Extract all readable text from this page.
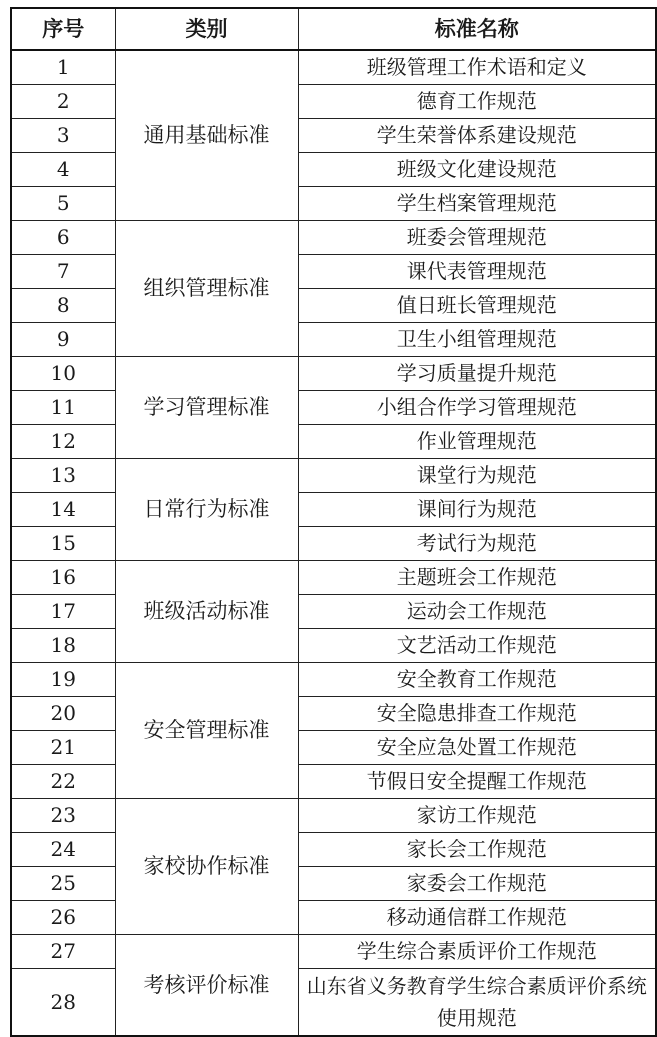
序号	类别	标准名称
1	通用基础标准	班级管理工作术语和定义
2		德育工作规范
3		学生荣誉体系建设规范
4		班级文化建设规范
5		学生档案管理规范
6	组织管理标准	班委会管理规范
7		课代表管理规范
8		值日班长管理规范
9		卫生小组管理规范
10	学习管理标准	学习质量提升规范
11		小组合作学习管理规范
12		作业管理规范
13	日常行为标准	课堂行为规范
14		课间行为规范
15		考试行为规范
16	班级活动标准	主题班会工作规范
17		运动会工作规范
18		文艺活动工作规范
19	安全管理标准	安全教育工作规范
20		安全隐患排查工作规范
21		安全应急处置工作规范
22		节假日安全提醒工作规范
23	家校协作标准	家访工作规范
24		家长会工作规范
25		家委会工作规范
26		移动通信群工作规范
27	考核评价标准	学生综合素质评价工作规范
28		山东省义务教育学生综合素质评价系统使用规范
